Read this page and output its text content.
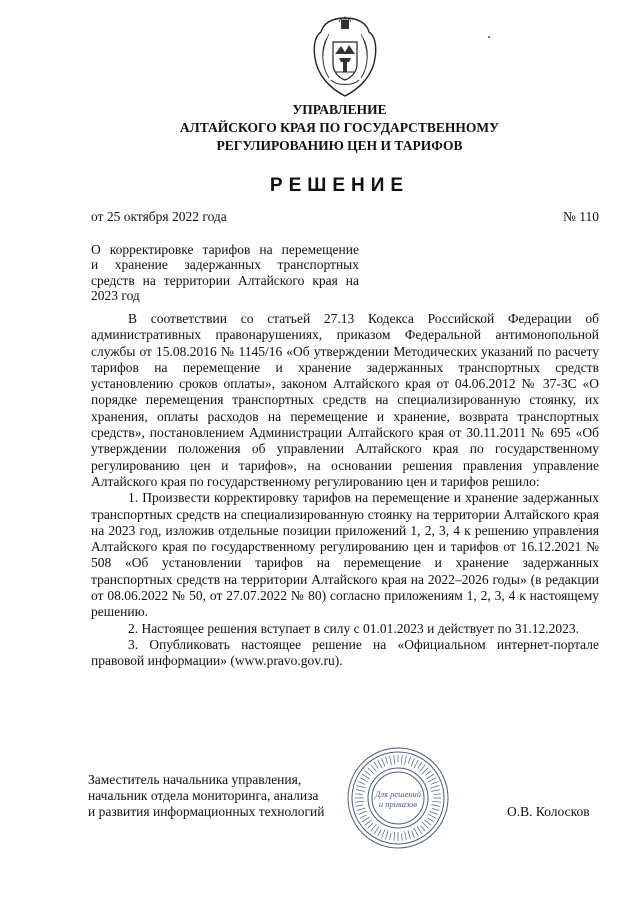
УПРАВЛЕНИЕ
АЛТАЙСКОГО КРАЯ ПО ГОСУДАРСТВЕННОМУ
РЕГУЛИРОВАНИЮ ЦЕН И ТАРИФОВ
РЕШЕНИЕ
от 25 октября 2022 года	№ 110
О корректировке тарифов на перемещение
и хранение задержанных транспортных
средств на территории Алтайского края на
2023 год

В соответствии со статьей 27.13 Кодекса Российской Федерации об административных правонарушениях, приказом Федеральной антимонопольной службы от 15.08.2016 № 1145/16 «Об утверждении Методических указаний по расчету тарифов на перемещение и хранение задержанных транспортных средств установлению сроков оплаты», законом Алтайского края от 04.06.2012 № 37-ЗС «О порядке перемещения транспортных средств на специализированную стоянку, их хранения, оплаты расходов на перемещение и хранение, возврата транспортных средств», постановлением Администрации Алтайского края от 30.11.2011 № 695 «Об утверждении положения об управлении Алтайского края по государственному регулированию цен и тарифов», на основании решения правления управление Алтайского края по государственному регулированию цен и тарифов решило:

1. Произвести корректировку тарифов на перемещение и хранение задержанных транспортных средств на специализированную стоянку на территории Алтайского края на 2023 год, изложив отдельные позиции приложений 1, 2, 3, 4 к решению управления Алтайского края по государственному регулированию цен и тарифов от 16.12.2021 № 508 «Об установлении тарифов на перемещение и хранение задержанных транспортных средств на территории Алтайского края на 2022–2026 годы» (в редакции от 08.06.2022 № 50, от 27.07.2022 № 80) согласно приложениям 1, 2, 3, 4 к настоящему решению.

2. Настоящее решения вступает в силу с 01.01.2023 и действует по 31.12.2023.

3. Опубликовать настоящее решение на «Официальном интернет-портале правовой информации» (www.pravo.gov.ru).

Заместитель начальника управления,
начальник отдела мониторинга, анализа
и развития информационных технологий
Для решений
и приказов	О.В. Колосков
